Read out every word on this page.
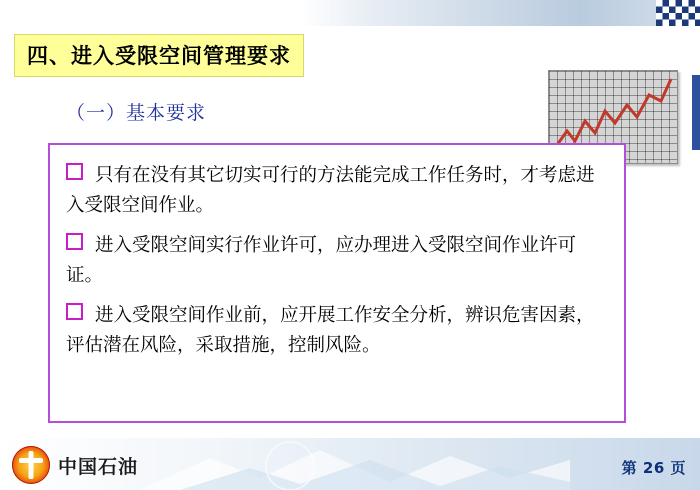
四、进入受限空间管理要求
（一）基本要求

只有在没有其它切实可行的方法能完成工作任务时，才考虑进入受限空间作业。

进入受限空间实行作业许可，应办理进入受限空间作业许可证。

进入受限空间作业前，应开展工作安全分析，辨识危害因素，评估潜在风险，采取措施，控制风险。

中国石油	第 26 页
